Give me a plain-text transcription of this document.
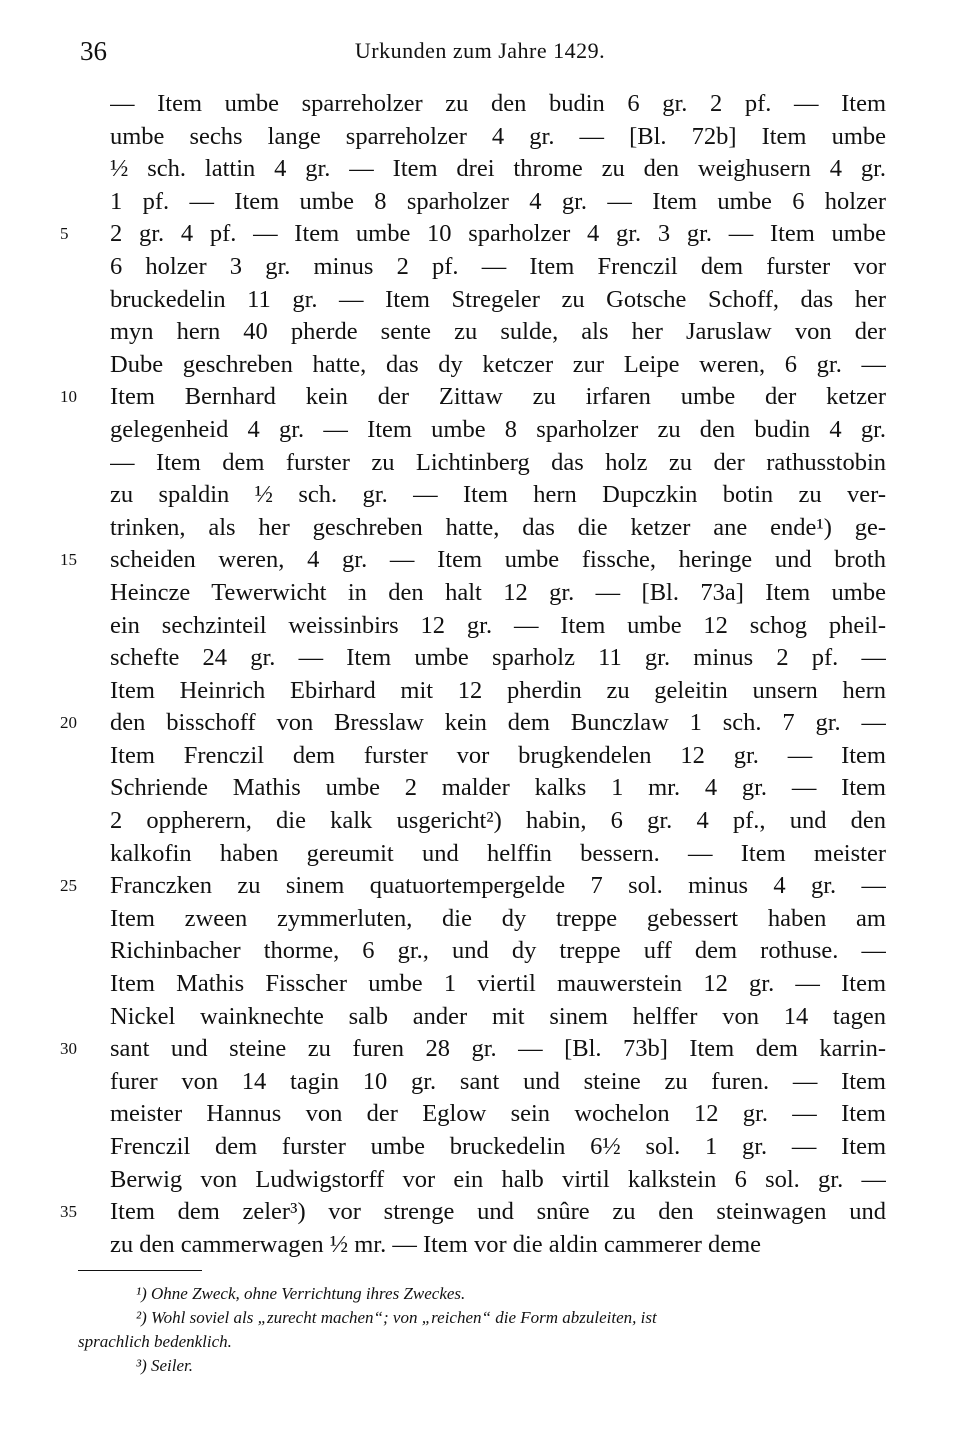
36	Urkunden zum Jahre 1429.
— Item umbe sparreholzer zu den budin 6 gr. 2 pf. — Item
umbe sechs lange sparreholzer 4 gr. — [Bl. 72b] Item umbe
½ sch. lattin 4 gr. — Item drei throme zu den weighusern 4 gr.
1 pf. — Item umbe 8 sparholzer 4 gr. — Item umbe 6 holzer
5	2 gr. 4 pf. — Item umbe 10 sparholzer 4 gr. 3 gr. — Item umbe
6 holzer 3 gr. minus 2 pf. — Item Frenczil dem furster vor
bruckedelin 11 gr. — Item Stregeler zu Gotsche Schoff, das her
myn hern 40 pherde sente zu sulde, als her Jaruslaw von der
Dube geschreben hatte, das dy ketczer zur Leipe weren, 6 gr. —
10	Item Bernhard kein der Zittaw zu irfaren umbe der ketzer
gelegenheid 4 gr. — Item umbe 8 sparholzer zu den budin 4 gr.
— Item dem furster zu Lichtinberg das holz zu der rathusstobin
zu spaldin ½ sch. gr. — Item hern Dupczkin botin zu ver-
trinken, als her geschreben hatte, das die ketzer ane ende¹) ge-
15	scheiden weren, 4 gr. — Item umbe fissche, heringe und broth
Heincze Tewerwicht in den halt 12 gr. — [Bl. 73a] Item umbe
ein sechzinteil weissinbirs 12 gr. — Item umbe 12 schog pheil-
schefte 24 gr. — Item umbe sparholz 11 gr. minus 2 pf. —
Item Heinrich Ebirhard mit 12 pherdin zu geleitin unsern hern
20	den bisschoff von Bresslaw kein dem Bunczlaw 1 sch. 7 gr. —
Item Frenczil dem furster vor brugkendelen 12 gr. — Item
Schriende Mathis umbe 2 malder kalks 1 mr. 4 gr. — Item
2 oppherern, die kalk usgericht²) habin, 6 gr. 4 pf., und den
kalkofin haben gereumit und helffin bessern. — Item meister
25	Franczken zu sinem quatuortempergelde 7 sol. minus 4 gr. —
Item zween zymmerluten, die dy treppe gebessert haben am
Richinbacher thorme, 6 gr., und dy treppe uff dem rothuse. —
Item Mathis Fisscher umbe 1 viertil mauwerstein 12 gr. — Item
Nickel wainknechte salb ander mit sinem helffer von 14 tagen
30	sant und steine zu furen 28 gr. — [Bl. 73b] Item dem karrin-
furer von 14 tagin 10 gr. sant und steine zu furen. — Item
meister Hannus von der Eglow sein wochelon 12 gr. — Item
Frenczil dem furster umbe bruckedelin 6½ sol. 1 gr. — Item
Berwig von Ludwigstorff vor ein halb virtil kalkstein 6 sol. gr. —
35	Item dem zeler³) vor strenge und snûre zu den steinwagen und
zu den cammerwagen ½ mr. — Item vor die aldin cammerer deme
¹) Ohne Zweck, ohne Verrichtung ihres Zweckes.
²) Wohl soviel als „zurecht machen“; von „reichen“ die Form abzuleiten, ist
sprachlich bedenklich.
³) Seiler.
